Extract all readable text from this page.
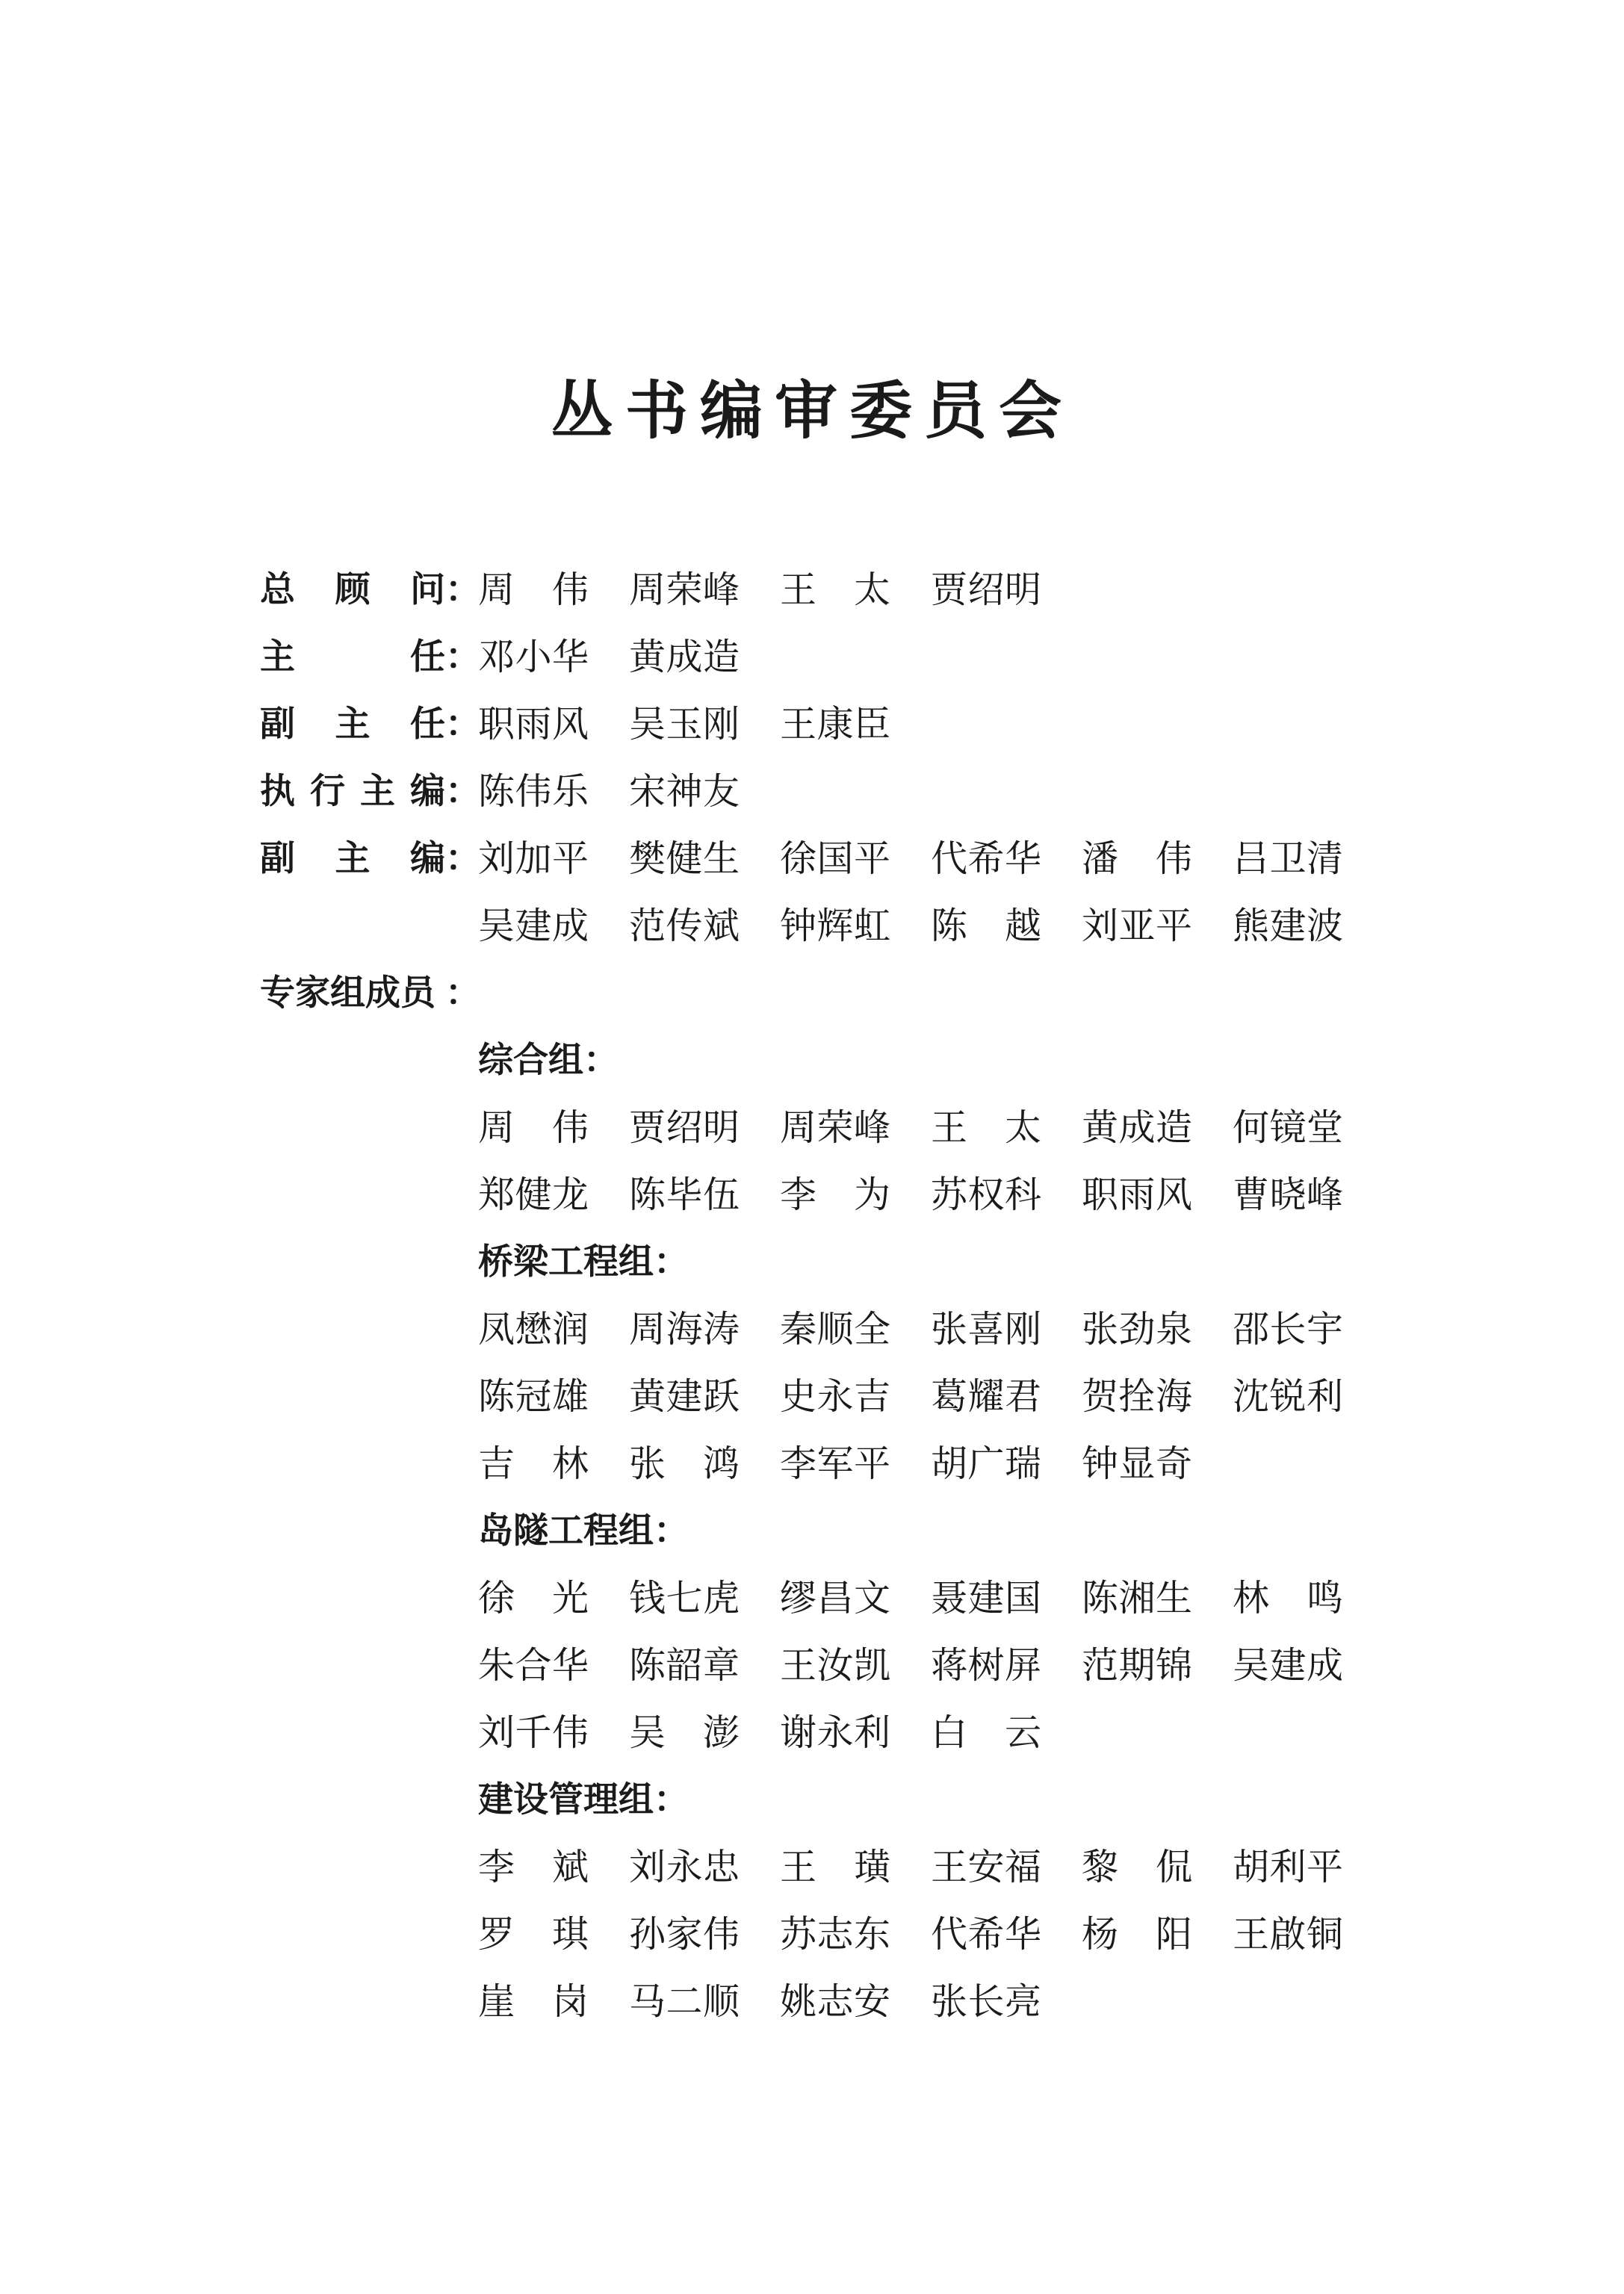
丛书编审委员会
总 顾 问 ：
周 伟 周 荣 峰 王 太 贾 绍 明
主	任 ：
邓 小 华 黄 成 造
副 主 任 ：
职 雨 风 吴 玉 刚 王 康 臣
执 行 主 编 ：
陈 伟 乐 宋 神 友
副 主 编 ：
刘 加 平 樊 健 生 徐 国 平 代 希 华 潘 伟 吕 卫 清
吴 建 成 范 传 斌 钟 辉 虹 陈 越 刘 亚 平 熊 建 波
专家组成员 ：
综合组：
周 伟 贾 绍 明 周 荣 峰 王 太 黄 成 造 何 镜 堂
郑 健 龙 陈 毕 伍 李 为 苏 权 科 职 雨 风 曹 晓 峰
桥梁工程组：
凤 懋 润 周 海 涛 秦 顺 全 张 喜 刚 张 劲 泉 邵 长 宇
陈 冠 雄 黄 建 跃 史 永 吉 葛 耀 君 贺 拴 海 沈 锐 利
吉 林 张 鸿 李 军 平 胡 广 瑞 钟 显 奇
岛隧工程组：
徐 光 钱 七 虎 缪 昌 文 聂 建 国 陈 湘 生 林 鸣
朱 合 华 陈 韶 章 王 汝 凯 蒋 树 屏 范 期 锦 吴 建 成
刘 千 伟 吴 澎 谢 永 利 白 云
建设管理组：
李 斌 刘 永 忠 王 璜 王 安 福 黎 侃 胡 利 平
罗 琪 孙 家 伟 苏 志 东 代 希 华 杨 阳 王 啟 铜
崖 岗 马 二 顺 姚 志 安 张 长 亮
